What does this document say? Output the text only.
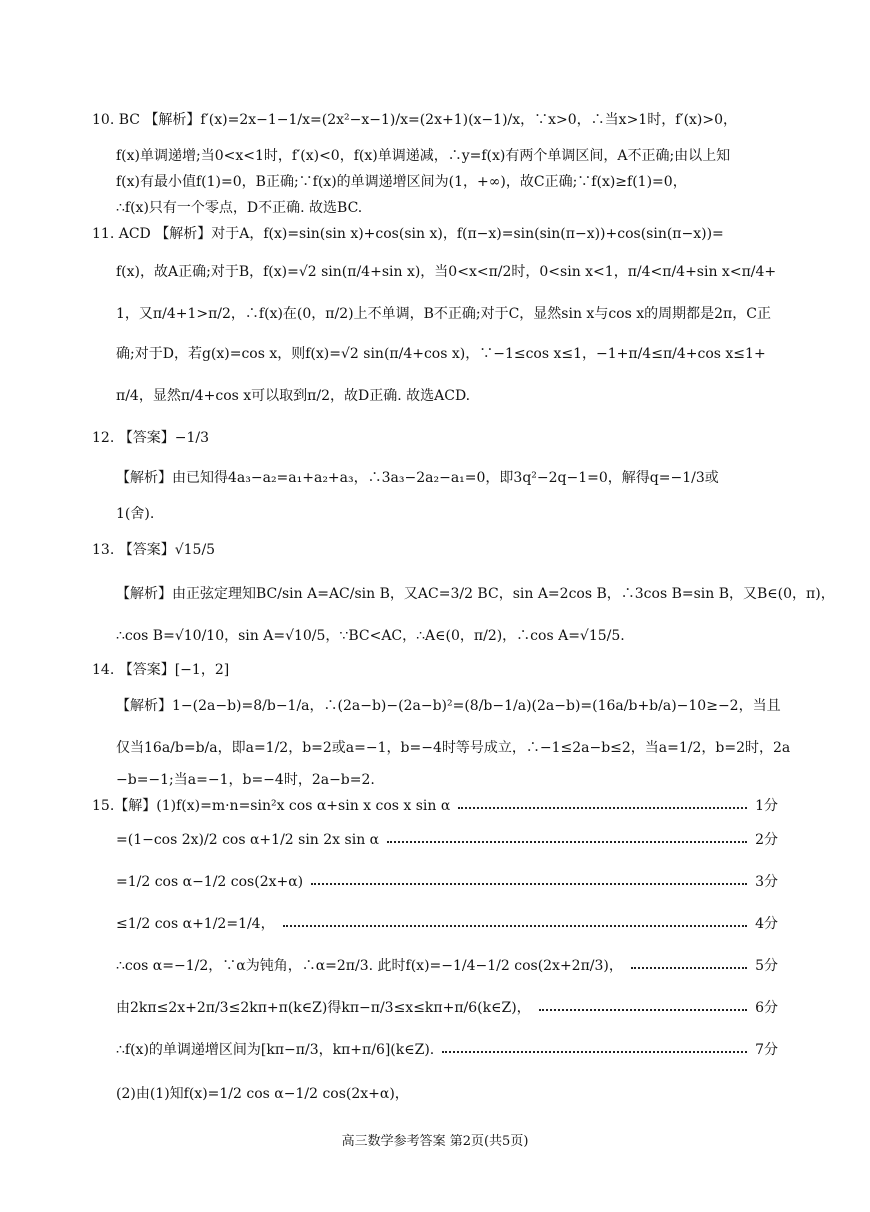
10. BC 【解析】f′(x)=2x−1−1/x=(2x²−x−1)/x=(2x+1)(x−1)/x，∵x>0，∴当x>1时，f′(x)>0，
f(x)单调递增;当0<x<1时，f′(x)<0，f(x)单调递减，∴y=f(x)有两个单调区间，A不正确;由以上知
f(x)有最小值f(1)=0，B正确;∵f(x)的单调递增区间为(1，+∞)，故C正确;∵f(x)≥f(1)=0，
∴f(x)只有一个零点，D不正确. 故选BC.
11. ACD 【解析】对于A，f(x)=sin(sin x)+cos(sin x)，f(π−x)=sin(sin(π−x))+cos(sin(π−x))=
f(x)，故A正确;对于B，f(x)=√2 sin(π/4+sin x)，当0<x<π/2时，0<sin x<1，π/4<π/4+sin x<π/4+
1，又π/4+1>π/2，∴f(x)在(0，π/2)上不单调，B不正确;对于C，显然sin x与cos x的周期都是2π，C正
确;对于D，若g(x)=cos x，则f(x)=√2 sin(π/4+cos x)，∵−1≤cos x≤1，−1+π/4≤π/4+cos x≤1+
π/4，显然π/4+cos x可以取到π/2，故D正确. 故选ACD.
12. 【答案】−1/3
【解析】由已知得4a₃−a₂=a₁+a₂+a₃，∴3a₃−2a₂−a₁=0，即3q²−2q−1=0，解得q=−1/3或
1(舍).
13. 【答案】√15/5
【解析】由正弦定理知BC/sin A=AC/sin B，又AC=3/2 BC，sin A=2cos B，∴3cos B=sin B，又B∈(0，π)，
∴cos B=√10/10，sin A=√10/5，∵BC<AC，∴A∈(0，π/2)，∴cos A=√15/5.
14. 【答案】[−1，2]
【解析】1−(2a−b)=8/b−1/a，∴(2a−b)−(2a−b)²=(8/b−1/a)(2a−b)=(16a/b+b/a)−10≥−2，当且
仅当16a/b=b/a，即a=1/2，b=2或a=−1，b=−4时等号成立，∴−1≤2a−b≤2，当a=1/2，b=2时，2a
−b=−1;当a=−1，b=−4时，2a−b=2.
15. 【解】(1)f(x)=m·n=sin²x cos α+sin x cos x sin α	1分
=(1−cos 2x)/2 cos α+1/2 sin 2x sin α	2分
=1/2 cos α−1/2 cos(2x+α)	3分
≤1/2 cos α+1/2=1/4，	4分
∴cos α=−1/2，∵α为钝角，∴α=2π/3. 此时f(x)=−1/4−1/2 cos(2x+2π/3)，	5分
由2kπ≤2x+2π/3≤2kπ+π(k∈Z)得kπ−π/3≤x≤kπ+π/6(k∈Z)，	6分
∴f(x)的单调递增区间为[kπ−π/3，kπ+π/6](k∈Z).	7分
(2)由(1)知f(x)=1/2 cos α−1/2 cos(2x+α)，
高三数学参考答案 第2页(共5页)
